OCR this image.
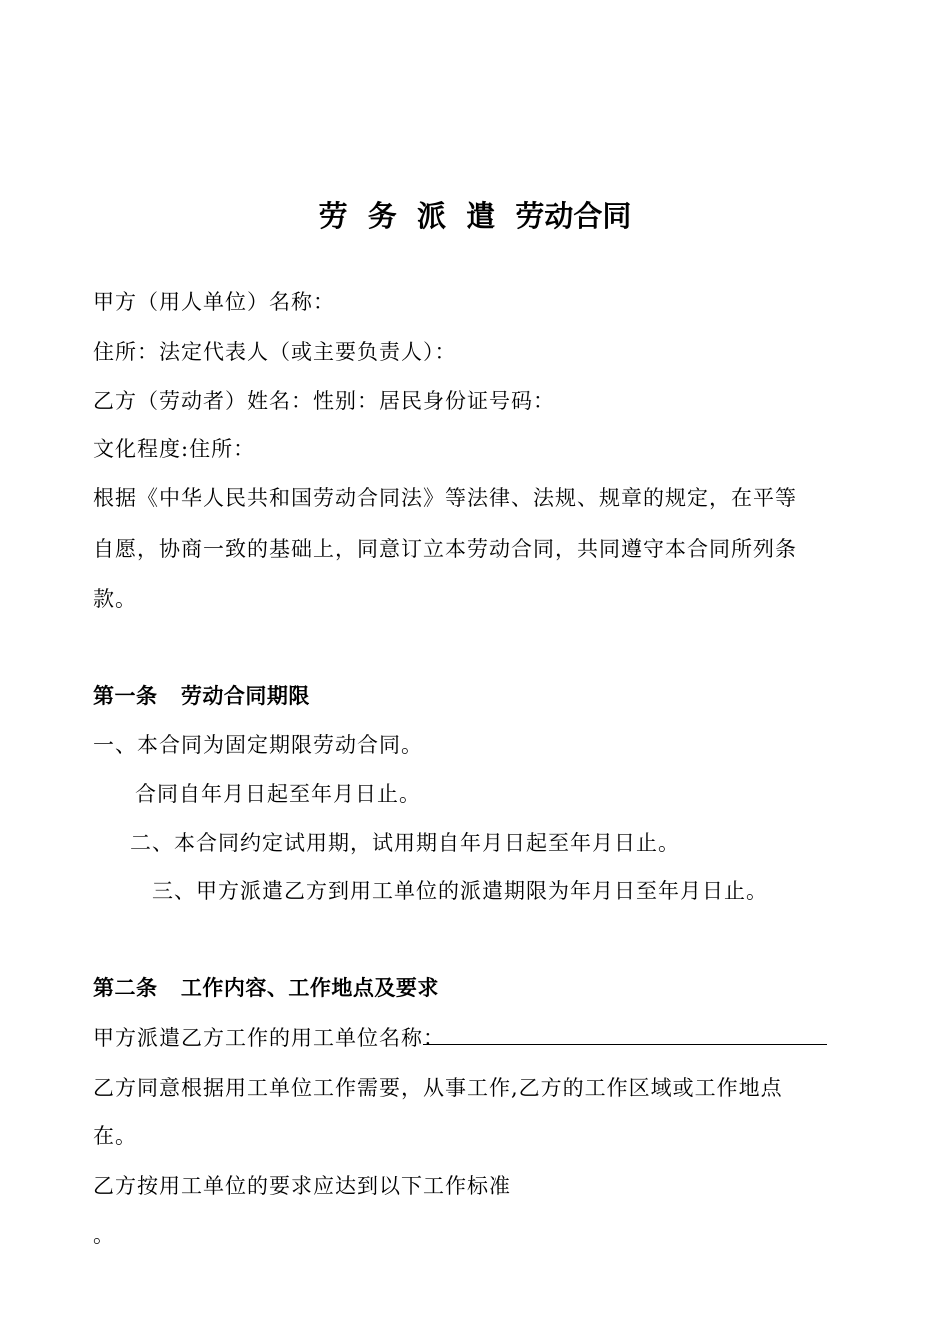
劳  务  派  遣  劳动合同
甲方（用人单位）名称：
住所：法定代表人（或主要负责人）：
乙方（劳动者）姓名：性别：居民身份证号码：
文化程度:住所：
根据《中华人民共和国劳动合同法》等法律、法规、规章的规定，在平等
自愿，协商一致的基础上，同意订立本劳动合同，共同遵守本合同所列条
款。
第一条   劳动合同期限
一、本合同为固定期限劳动合同。
合同自年月日起至年月日止。
二、本合同约定试用期，试用期自年月日起至年月日止。
三、甲方派遣乙方到用工单位的派遣期限为年月日至年月日止。
第二条   工作内容、工作地点及要求
甲方派遣乙方工作的用工单位名称：
乙方同意根据用工单位工作需要，从事工作,乙方的工作区域或工作地点
在。
乙方按用工单位的要求应达到以下工作标准
。
